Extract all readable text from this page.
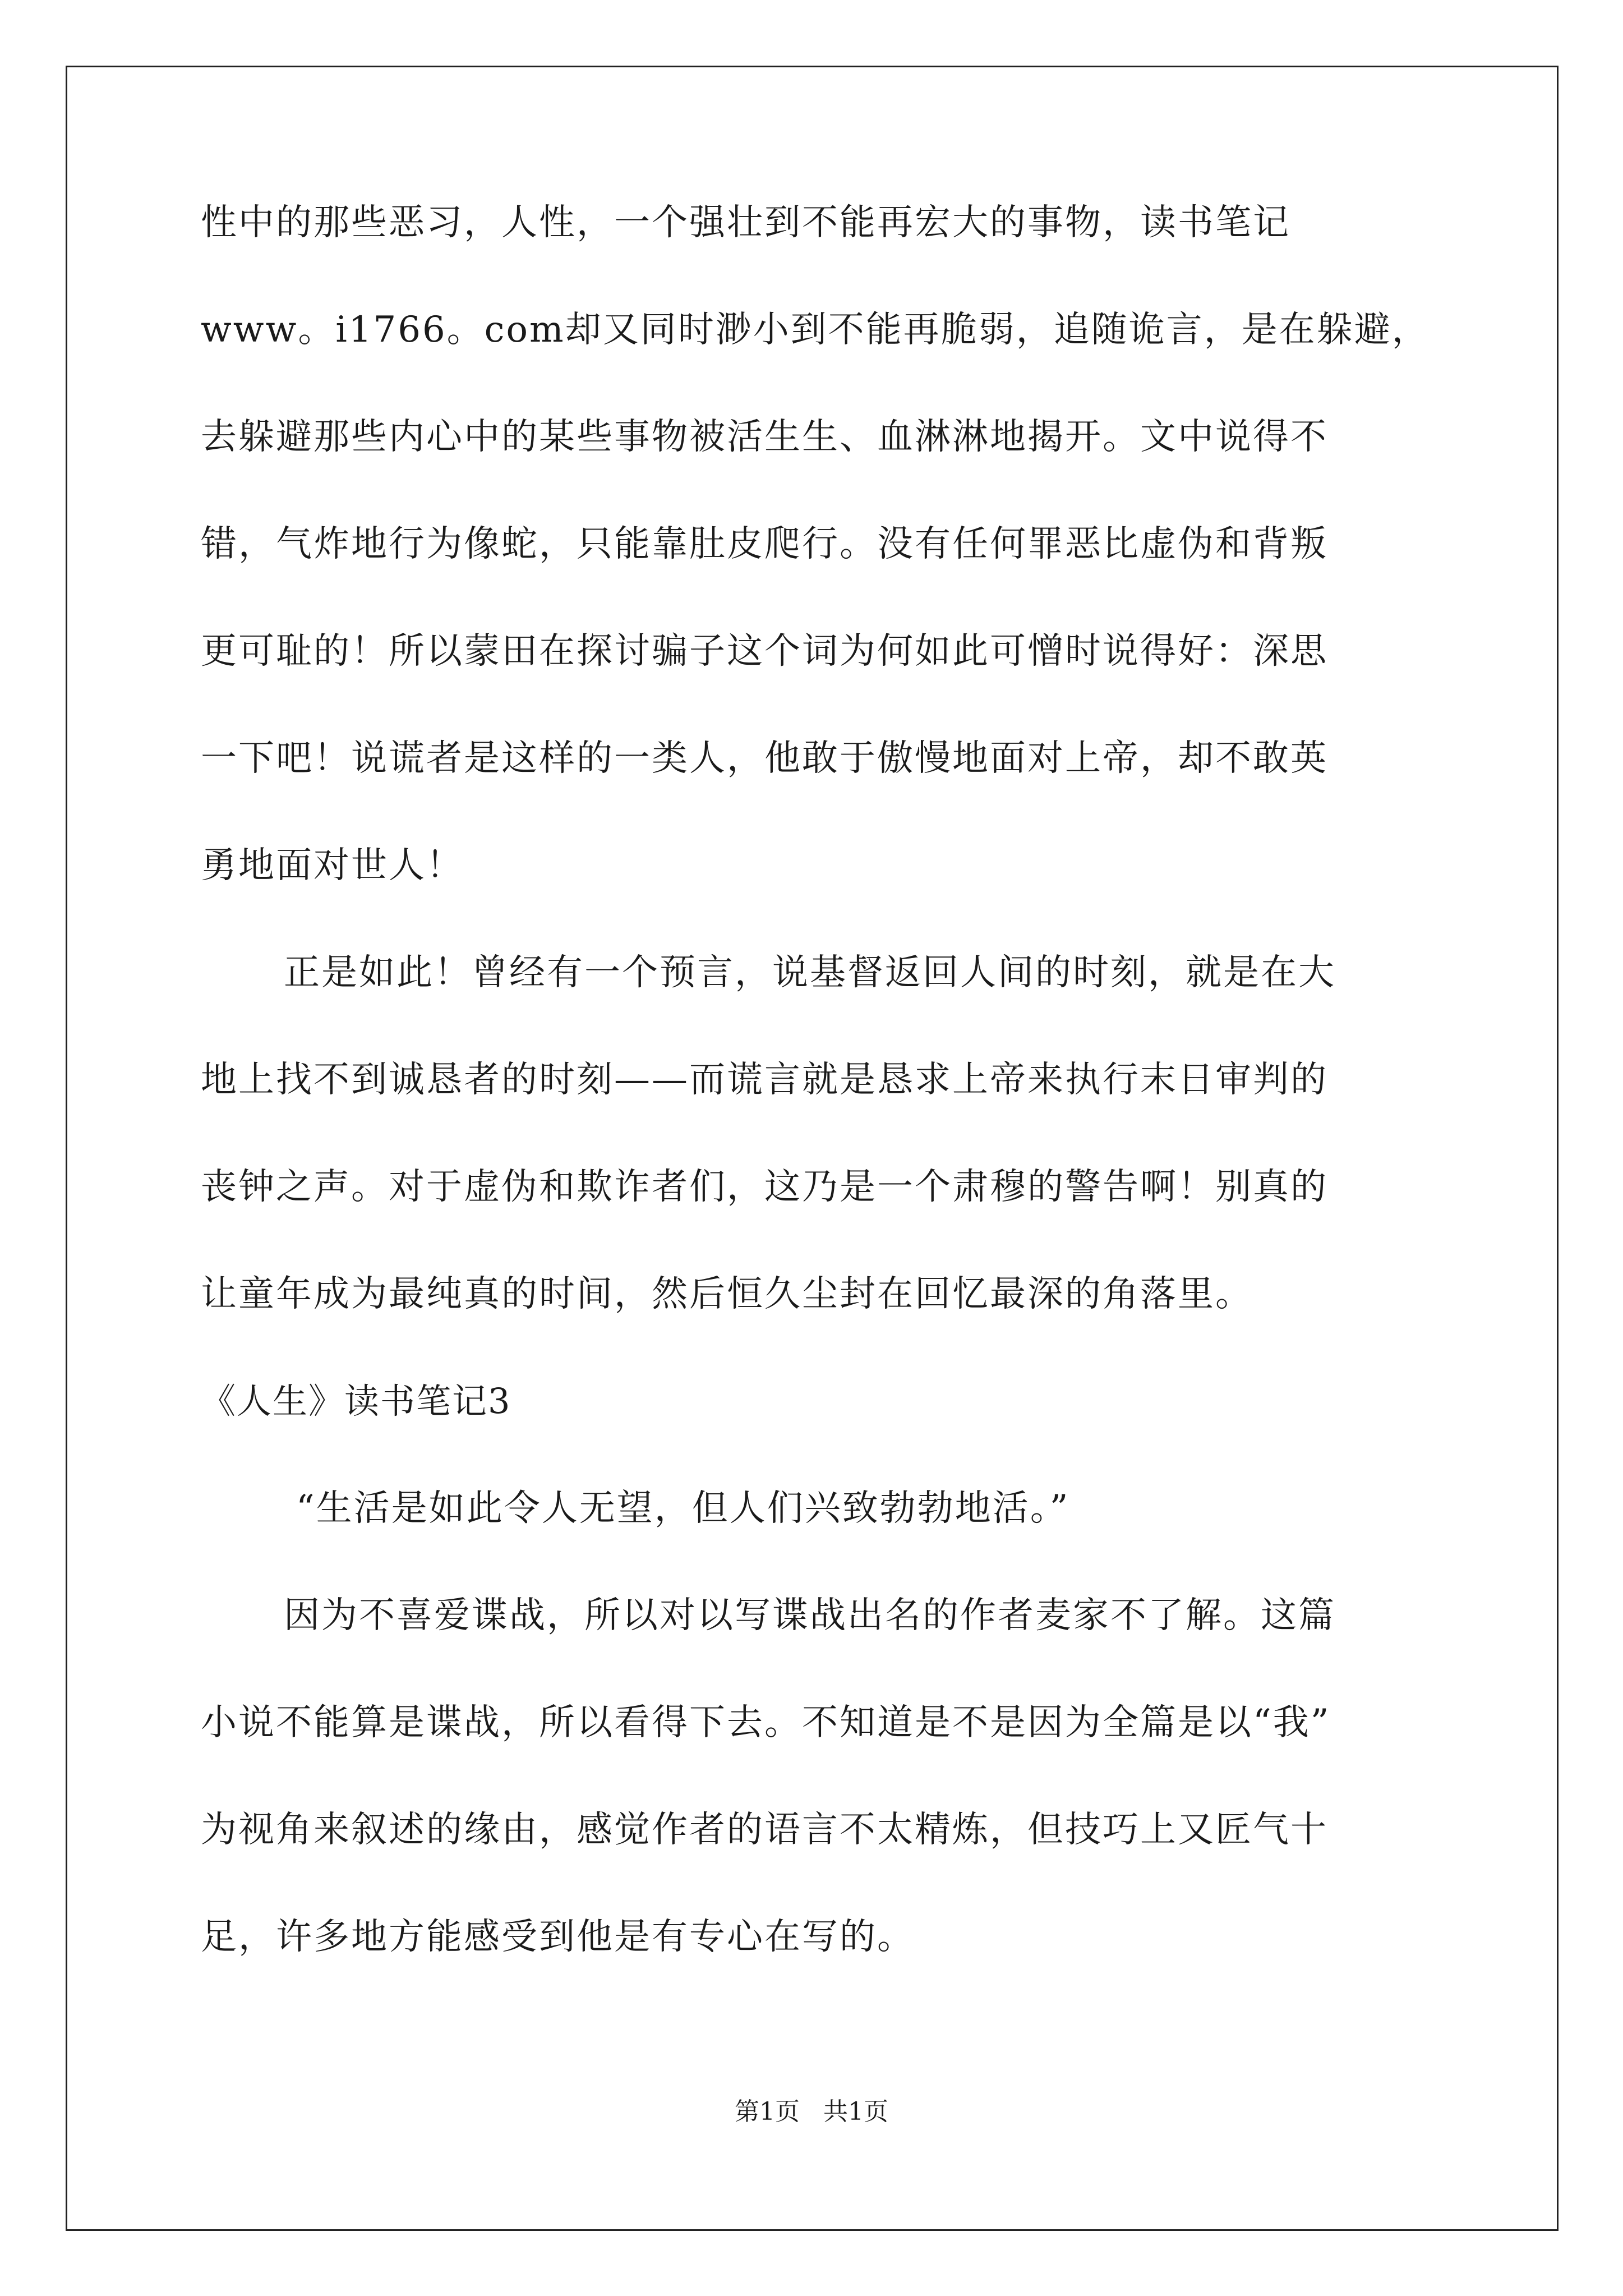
性中的那些恶习，人性，一个强壮到不能再宏大的事物，读书笔记
www。i1766。com却又同时渺小到不能再脆弱，追随诡言，是在躲避，
去躲避那些内心中的某些事物被活生生、血淋淋地揭开。文中说得不
错，气炸地行为像蛇，只能靠肚皮爬行。没有任何罪恶比虚伪和背叛
更可耻的！所以蒙田在探讨骗子这个词为何如此可憎时说得好：深思
一下吧！说谎者是这样的一类人，他敢于傲慢地面对上帝，却不敢英
勇地面对世人！
正是如此！曾经有一个预言，说基督返回人间的时刻，就是在大
地上找不到诚恳者的时刻——而谎言就是恳求上帝来执行末日审判的
丧钟之声。对于虚伪和欺诈者们，这乃是一个肃穆的警告啊！别真的
让童年成为最纯真的时间，然后恒久尘封在回忆最深的角落里。
《人生》读书笔记3
“生活是如此令人无望，但人们兴致勃勃地活。”
因为不喜爱谍战，所以对以写谍战出名的作者麦家不了解。这篇
小说不能算是谍战，所以看得下去。不知道是不是因为全篇是以“我”
为视角来叙述的缘由，感觉作者的语言不太精炼，但技巧上又匠气十
足，许多地方能感受到他是有专心在写的。
第1页   共1页
